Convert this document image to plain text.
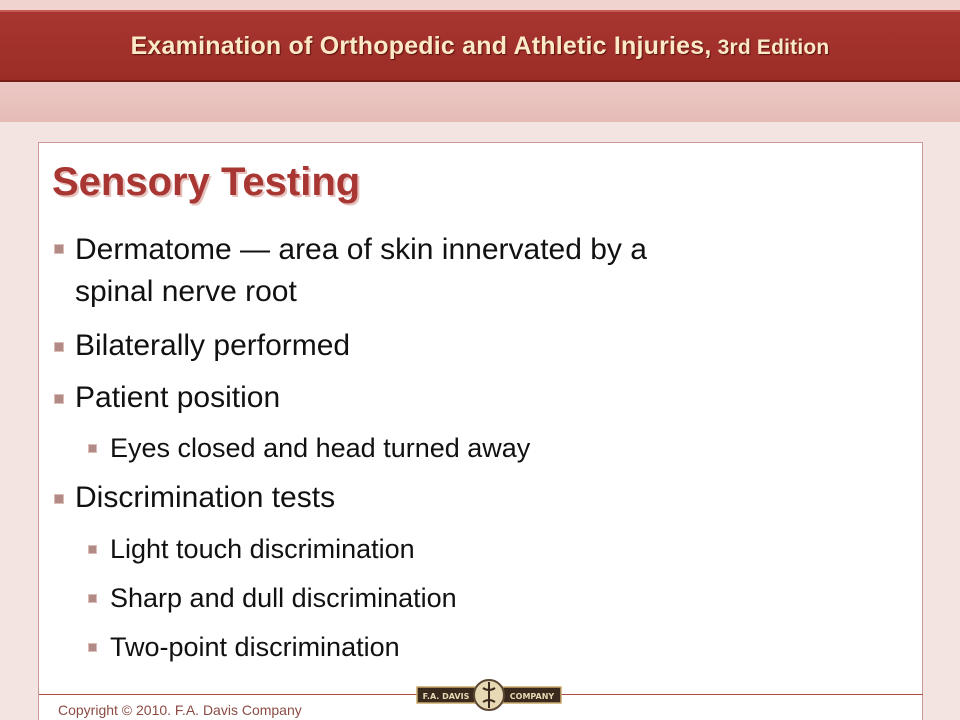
Examination of Orthopedic and Athletic Injuries, 3rd Edition
Sensory Testing

Dermatome — area of skin innervated by a

spinal nerve root

Bilaterally performed

Patient position

Eyes closed and head turned away

Discrimination tests

Light touch discrimination

Sharp and dull discrimination

Two-point discrimination

Copyright © 2010. F.A. Davis Company
F.A. DAVIS	COMPANY
